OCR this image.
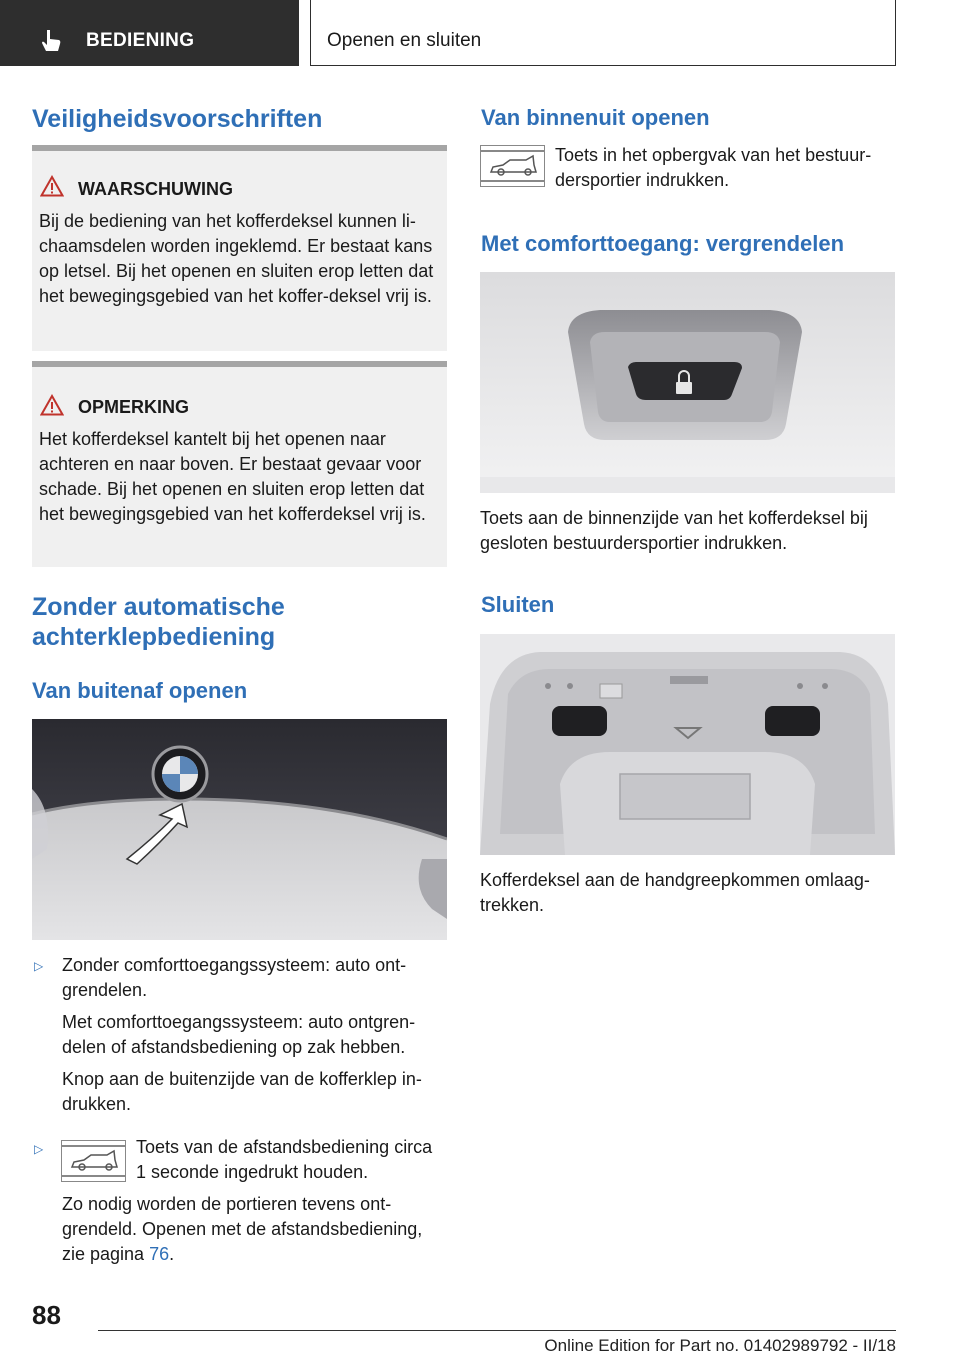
BEDIENING	Openen en sluiten
Veiligheidsvoorschriften
WAARSCHUWING
Bij de bediening van het kofferdeksel kunnen li-chaamsdelen worden ingeklemd. Er bestaat kans op letsel. Bij het openen en sluiten erop letten dat het bewegingsgebied van het koffer-deksel vrij is.
OPMERKING
Het kofferdeksel kantelt bij het openen naar achteren en naar boven. Er bestaat gevaar voor schade. Bij het openen en sluiten erop letten dat het bewegingsgebied van het kofferdeksel vrij is.
Zonder automatische achterklepbediening
Van buitenaf openen
▷ Zonder comforttoegangssysteem: auto ont-grendelen.
Met comforttoegangssysteem: auto ontgren-delen of afstandsbediening op zak hebben.
Knop aan de buitenzijde van de kofferklep in-drukken.
▷	Toets van de afstandsbediening circa 1 seconde ingedrukt houden.
Zo nodig worden de portieren tevens ont-grendeld. Openen met de afstandsbediening, zie pagina 76.
Van binnenuit openen
Toets in het opbergvak van het bestuur-dersportier indrukken.
Met comforttoegang: vergrendelen
Toets aan de binnenzijde van het kofferdeksel bij gesloten bestuurdersportier indrukken.
Sluiten
Kofferdeksel aan de handgreepkommen omlaag-trekken.
88
Online Edition for Part no. 01402989792 - II/18
